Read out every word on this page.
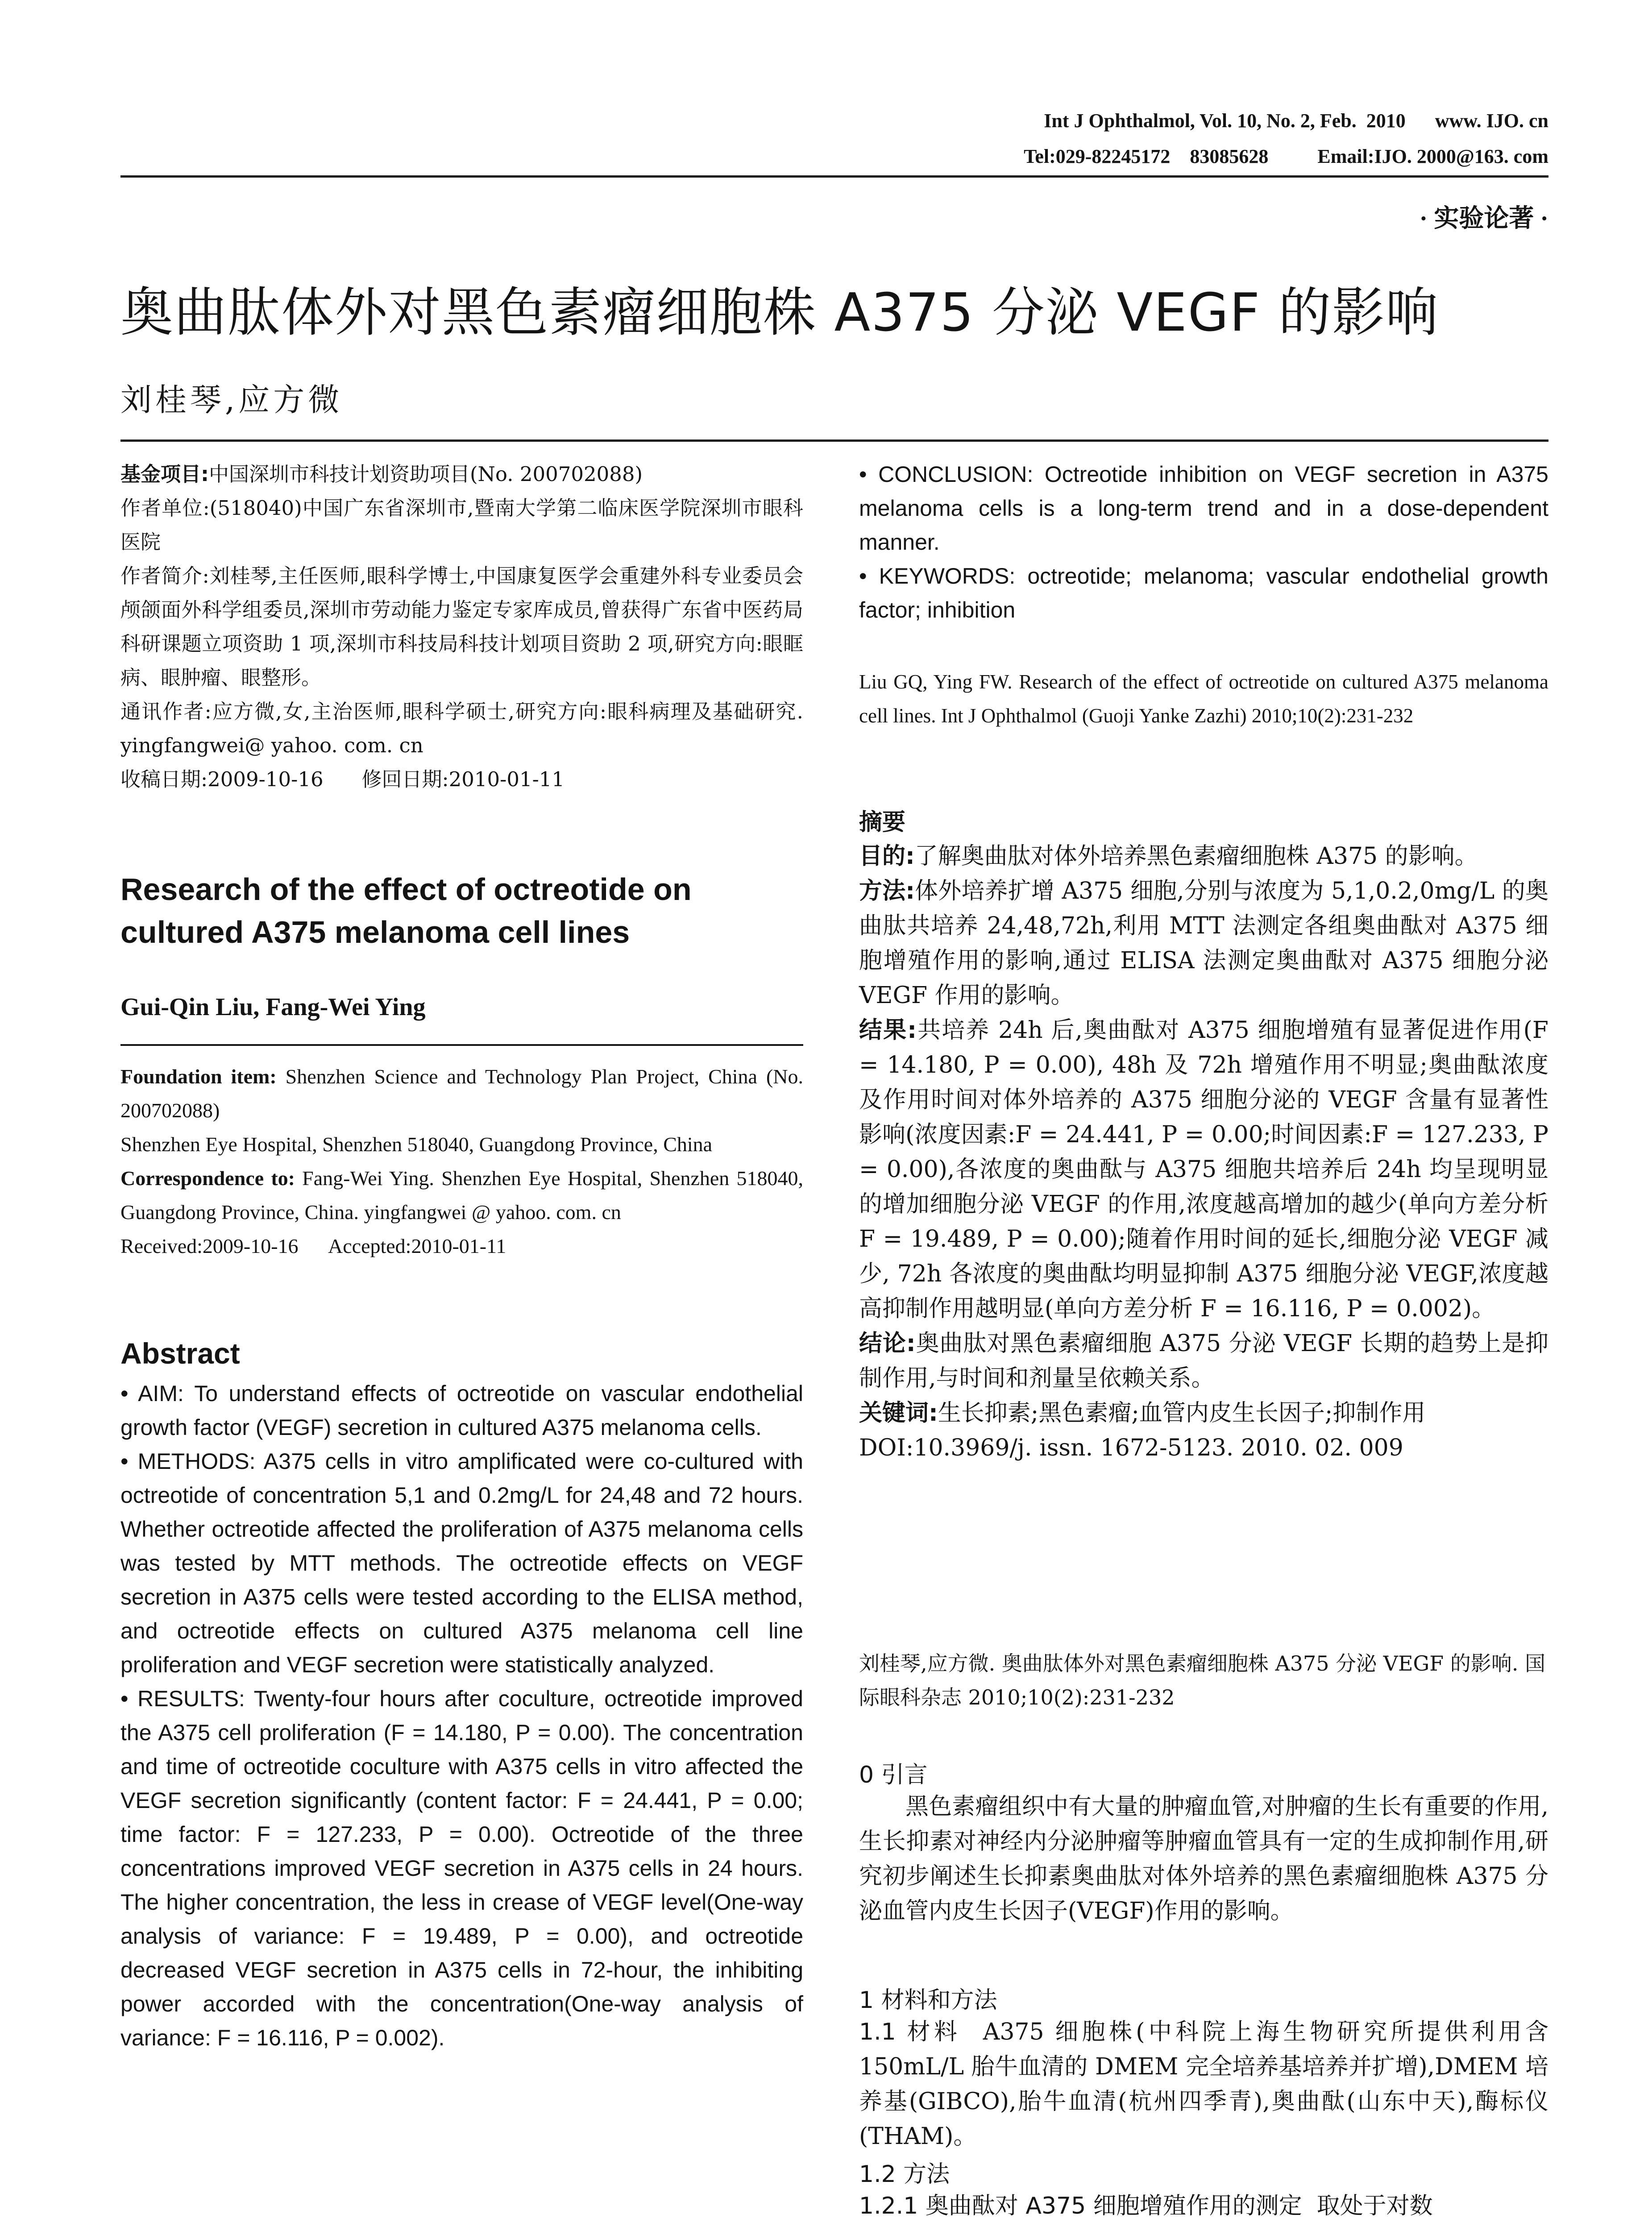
Int J Ophthalmol, Vol. 10, No. 2, Feb.  2010      www. IJO. cn
Tel:029-82245172    83085628          Email:IJO. 2000@163. com
· 实验论著 ·
奥曲肽体外对黑色素瘤细胞株 A375 分泌 VEGF 的影响
刘桂琴,应方微

基金项目:中国深圳市科技计划资助项目(No. 200702088)

作者单位:(518040)中国广东省深圳市,暨南大学第二临床医学院深圳市眼科医院

作者简介:刘桂琴,主任医师,眼科学博士,中国康复医学会重建外科专业委员会颅颌面外科学组委员,深圳市劳动能力鉴定专家库成员,曾获得广东省中医药局科研课题立项资助 1 项,深圳市科技局科技计划项目资助 2 项,研究方向:眼眶病、眼肿瘤、眼整形。

通讯作者:应方微,女,主治医师,眼科学硕士,研究方向:眼科病理及基础研究. yingfangwei@ yahoo. com. cn

收稿日期:2009-10-16      修回日期:2010-01-11

Research of the effect of octreotide on cultured A375 melanoma cell lines
Gui-Qin Liu, Fang-Wei Ying

Foundation item: Shenzhen Science and Technology Plan Project, China (No. 200702088)

Shenzhen Eye Hospital, Shenzhen 518040, Guangdong Province, China

Correspondence to: Fang-Wei Ying. Shenzhen Eye Hospital, Shenzhen 518040, Guangdong Province, China. yingfangwei @ yahoo. com. cn

Received:2009-10-16      Accepted:2010-01-11

Abstract

• AIM: To understand effects of octreotide on vascular endothelial growth factor (VEGF) secretion in cultured A375 melanoma cells.

• METHODS: A375 cells in vitro amplificated were co-cultured with octreotide of concentration 5,1 and 0.2mg/L for 24,48 and 72 hours. Whether octreotide affected the proliferation of A375 melanoma cells was tested by MTT methods. The octreotide effects on VEGF secretion in A375 cells were tested according to the ELISA method, and octreotide effects on cultured A375 melanoma cell line proliferation and VEGF secretion were statistically analyzed.

• RESULTS: Twenty-four hours after coculture, octreotide improved the A375 cell proliferation (F = 14.180, P = 0.00). The concentration and time of octreotide coculture with A375 cells in vitro affected the VEGF secretion significantly (content factor: F = 24.441, P = 0.00; time factor: F = 127.233, P = 0.00). Octreotide of the three concentrations improved VEGF secretion in A375 cells in 24 hours. The higher concentration, the less in crease of VEGF level(One-way analysis of variance: F = 19.489, P = 0.00), and octreotide decreased VEGF secretion in A375 cells in 72-hour, the inhibiting power accorded with the concentration(One-way analysis of variance: F = 16.116, P = 0.002).

• CONCLUSION: Octreotide inhibition on VEGF secretion in A375 melanoma cells is a long-term trend and in a dose-dependent manner.

• KEYWORDS: octreotide; melanoma; vascular endothelial growth factor; inhibition

Liu GQ, Ying FW. Research of the effect of octreotide on cultured A375 melanoma cell lines. Int J Ophthalmol (Guoji Yanke Zazhi) 2010;10(2):231-232
摘要

目的:了解奥曲肽对体外培养黑色素瘤细胞株 A375 的影响。

方法:体外培养扩增 A375 细胞,分别与浓度为 5,1,0.2,0mg/L 的奥曲肽共培养 24,48,72h,利用 MTT 法测定各组奥曲酞对 A375 细胞增殖作用的影响,通过 ELISA 法测定奥曲酞对 A375 细胞分泌 VEGF 作用的影响。

结果:共培养 24h 后,奥曲酞对 A375 细胞增殖有显著促进作用(F = 14.180, P = 0.00), 48h 及 72h 增殖作用不明显;奥曲酞浓度及作用时间对体外培养的 A375 细胞分泌的 VEGF 含量有显著性影响(浓度因素:F = 24.441, P = 0.00;时间因素:F = 127.233, P = 0.00),各浓度的奥曲酞与 A375 细胞共培养后 24h 均呈现明显的增加细胞分泌 VEGF 的作用,浓度越高增加的越少(单向方差分析 F = 19.489, P = 0.00);随着作用时间的延长,细胞分泌 VEGF 减少, 72h 各浓度的奥曲酞均明显抑制 A375 细胞分泌 VEGF,浓度越高抑制作用越明显(单向方差分析 F = 16.116, P = 0.002)。

结论:奥曲肽对黑色素瘤细胞 A375 分泌 VEGF 长期的趋势上是抑制作用,与时间和剂量呈依赖关系。

关键词:生长抑素;黑色素瘤;血管内皮生长因子;抑制作用

DOI:10.3969/j. issn. 1672-5123. 2010. 02. 009

刘桂琴,应方微. 奥曲肽体外对黑色素瘤细胞株 A375 分泌 VEGF 的影响. 国际眼科杂志 2010;10(2):231-232
0 引言

黑色素瘤组织中有大量的肿瘤血管,对肿瘤的生长有重要的作用,生长抑素对神经内分泌肿瘤等肿瘤血管具有一定的生成抑制作用,研究初步阐述生长抑素奥曲肽对体外培养的黑色素瘤细胞株 A375 分泌血管内皮生长因子(VEGF)作用的影响。

1 材料和方法

1.1 材料  A375 细胞株(中科院上海生物研究所提供利用含 150mL/L 胎牛血清的 DMEM 完全培养基培养并扩增),DMEM 培养基(GIBCO),胎牛血清(杭州四季青),奥曲酞(山东中天),酶标仪(THAM)。

1.2 方法

1.2.1 奥曲酞对 A375 细胞增殖作用的测定  取处于对数
